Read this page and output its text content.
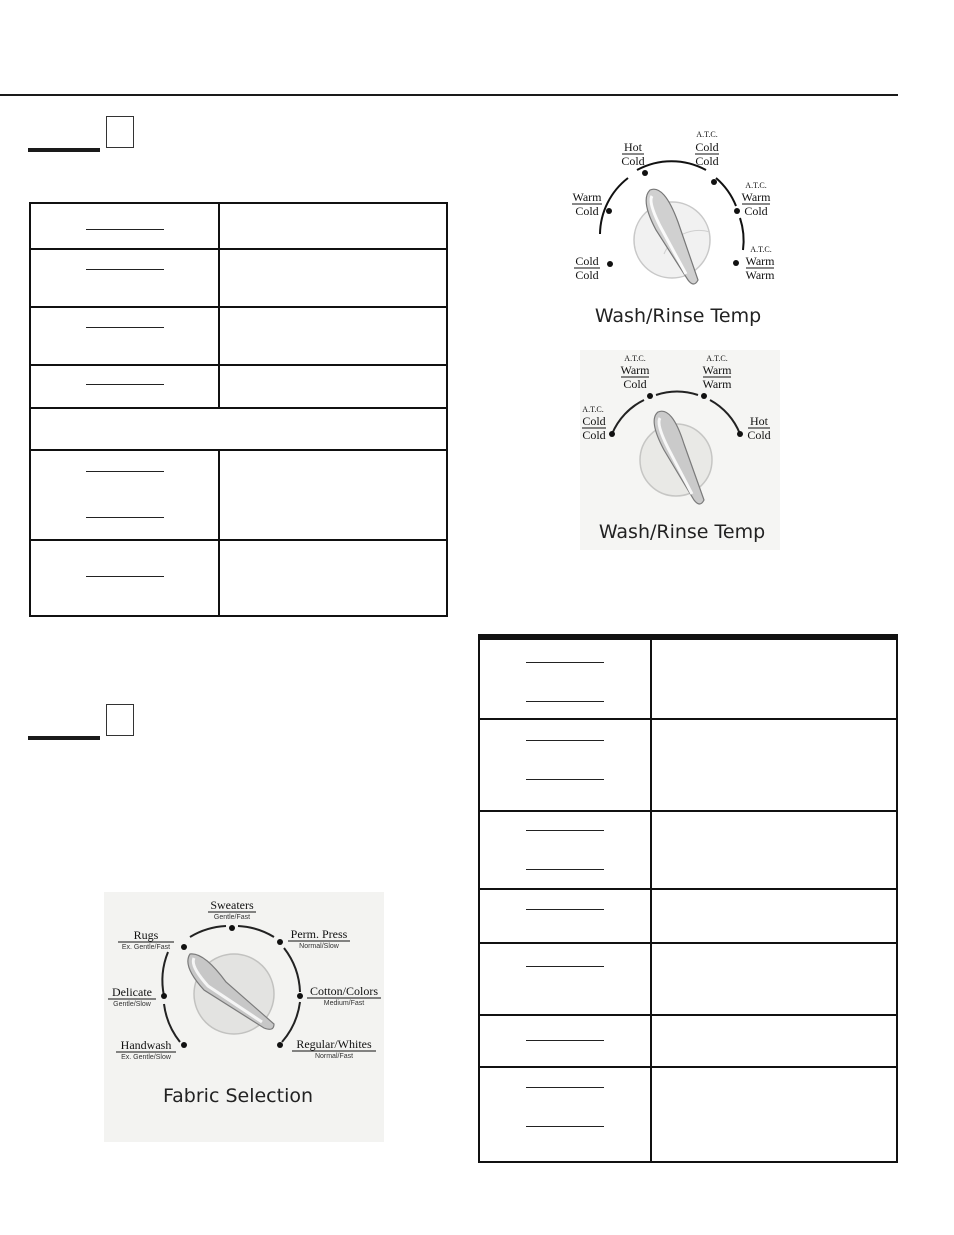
Hot
Cold
A.T.C.
Cold
Cold
A.T.C.
Warm
Cold
A.T.C.
Warm
Warm
Warm
Cold
Cold
Cold
Wash/Rinse Temp
A.T.C.
Cold
Cold
A.T.C.
Warm
Cold
A.T.C.
Warm
Warm
Hot
Cold
Wash/Rinse Temp
Sweaters
Gentle/Fast
Perm. Press
Normal/Slow
Cotton/Colors
Medium/Fast
Regular/Whites
Normal/Fast
Rugs
Ex. Gentle/Fast
Delicate
Gentle/Slow
Handwash
Ex. Gentle/Slow
Fabric Selection
